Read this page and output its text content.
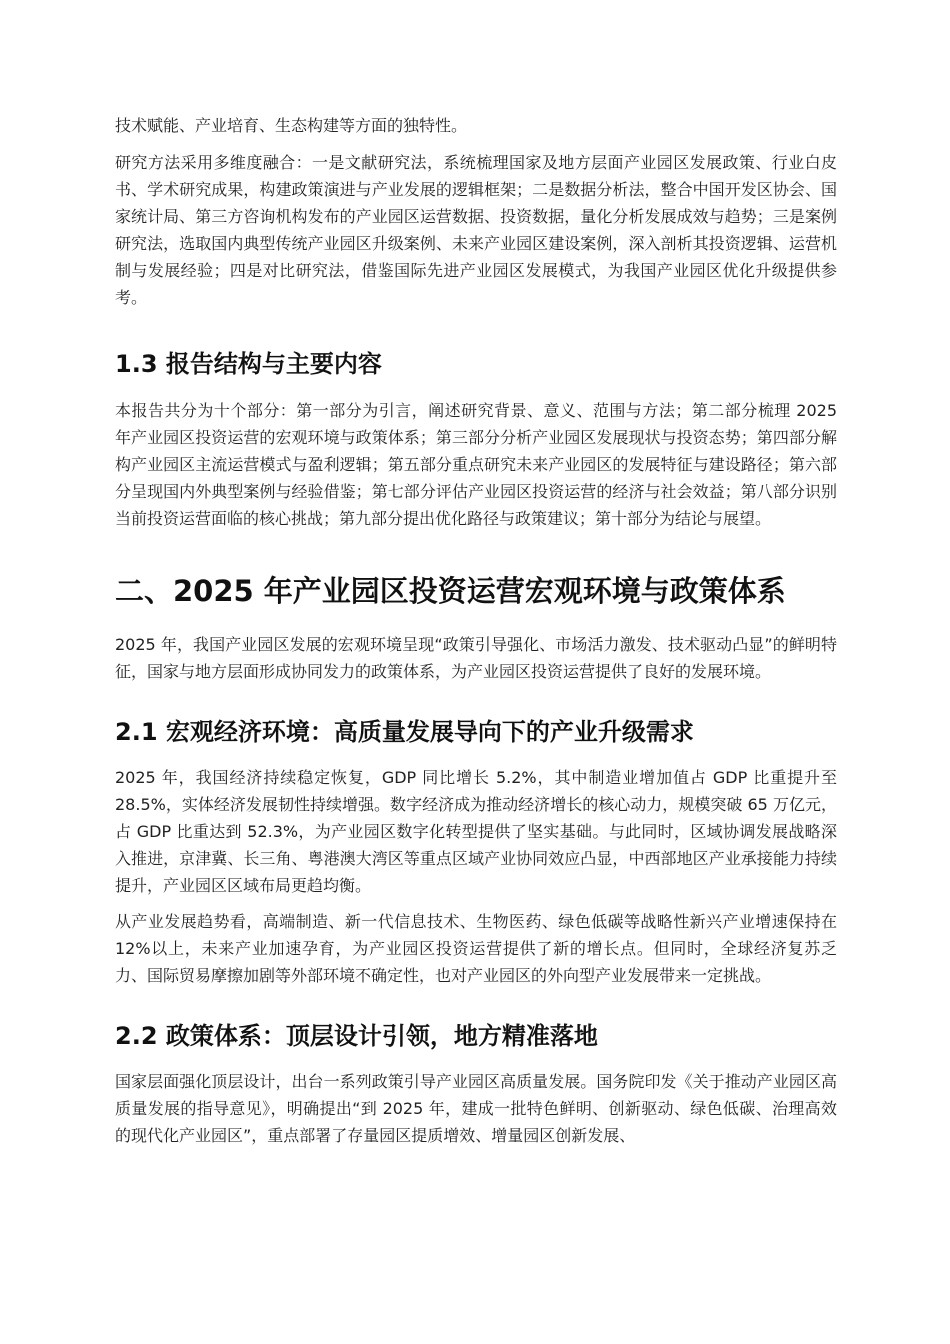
技术赋能、产业培育、生态构建等方面的独特性。

研究方法采用多维度融合：一是文献研究法，系统梳理国家及地方层面产业园区发展政策、行业白皮书、学术研究成果，构建政策演进与产业发展的逻辑框架；二是数据分析法，整合中国开发区协会、国家统计局、第三方咨询机构发布的产业园区运营数据、投资数据，量化分析发展成效与趋势；三是案例研究法，选取国内典型传统产业园区升级案例、未来产业园区建设案例，深入剖析其投资逻辑、运营机制与发展经验；四是对比研究法，借鉴国际先进产业园区发展模式，为我国产业园区优化升级提供参考。

1.3 报告结构与主要内容

本报告共分为十个部分：第一部分为引言，阐述研究背景、意义、范围与方法；第二部分梳理 2025 年产业园区投资运营的宏观环境与政策体系；第三部分分析产业园区发展现状与投资态势；第四部分解构产业园区主流运营模式与盈利逻辑；第五部分重点研究未来产业园区的发展特征与建设路径；第六部分呈现国内外典型案例与经验借鉴；第七部分评估产业园区投资运营的经济与社会效益；第八部分识别当前投资运营面临的核心挑战；第九部分提出优化路径与政策建议；第十部分为结论与展望。

二、2025 年产业园区投资运营宏观环境与政策体系

2025 年，我国产业园区发展的宏观环境呈现“政策引导强化、市场活力激发、技术驱动凸显”的鲜明特征，国家与地方层面形成协同发力的政策体系，为产业园区投资运营提供了良好的发展环境。

2.1 宏观经济环境：高质量发展导向下的产业升级需求

2025 年，我国经济持续稳定恢复，GDP 同比增长 5.2%，其中制造业增加值占 GDP 比重提升至 28.5%，实体经济发展韧性持续增强。数字经济成为推动经济增长的核心动力，规模突破 65 万亿元，占 GDP 比重达到 52.3%，为产业园区数字化转型提供了坚实基础。与此同时，区域协调发展战略深入推进，京津冀、长三角、粤港澳大湾区等重点区域产业协同效应凸显，中西部地区产业承接能力持续提升，产业园区区域布局更趋均衡。

从产业发展趋势看，高端制造、新一代信息技术、生物医药、绿色低碳等战略性新兴产业增速保持在 12%以上，未来产业加速孕育，为产业园区投资运营提供了新的增长点。但同时，全球经济复苏乏力、国际贸易摩擦加剧等外部环境不确定性，也对产业园区的外向型产业发展带来一定挑战。

2.2 政策体系：顶层设计引领，地方精准落地

国家层面强化顶层设计，出台一系列政策引导产业园区高质量发展。国务院印发《关于推动产业园区高质量发展的指导意见》，明确提出“到 2025 年，建成一批特色鲜明、创新驱动、绿色低碳、治理高效的现代化产业园区”，重点部署了存量园区提质增效、增量园区创新发展、
